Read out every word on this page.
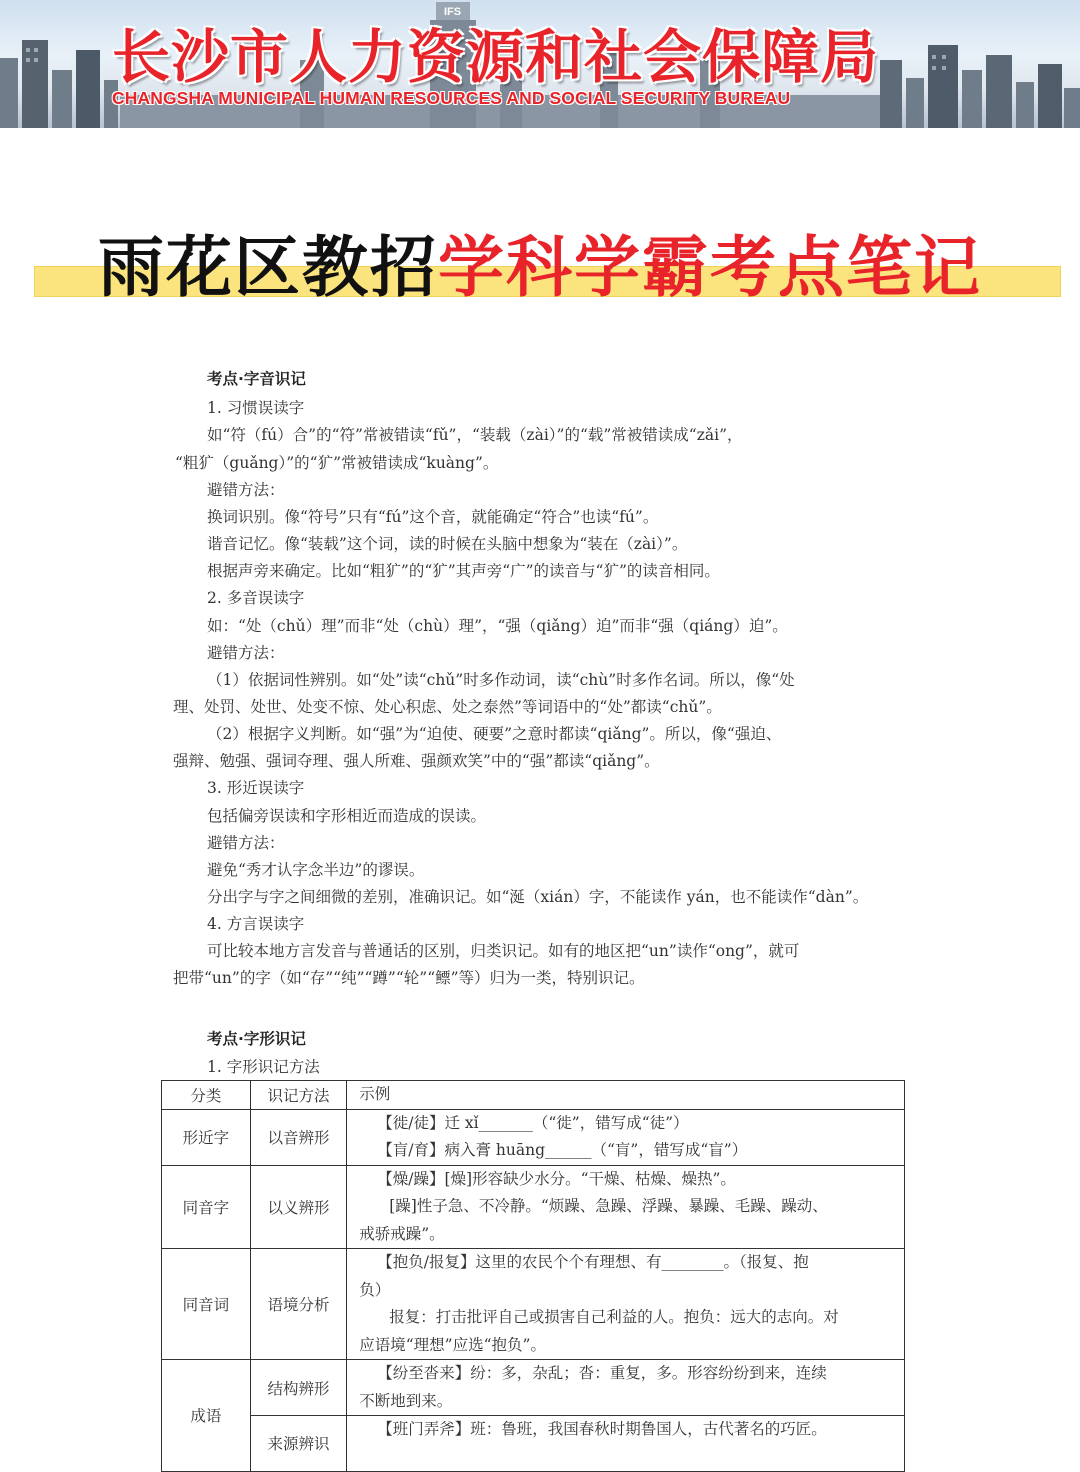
IFS
长沙市人力资源和社会保障局
CHANGSHA MUNICIPAL HUMAN RESOURCES AND SOCIAL SECURITY BUREAU
雨花区教招学科学霸考点笔记
考点·字音识记
1. 习惯误读字
如“符（fú）合”的“符”常被错读“fǔ”，“装载（zài）”的“载”常被错读成“zǎi”，
“粗犷（guǎng）”的“犷”常被错读成“kuàng”。
避错方法：
换词识别。像“符号”只有“fú”这个音，就能确定“符合”也读“fú”。
谐音记忆。像“装载”这个词，读的时候在头脑中想象为“装在（zài）”。
根据声旁来确定。比如“粗犷”的“犷”其声旁“广”的读音与“犷”的读音相同。
2. 多音误读字
如：“处（chǔ）理”而非“处（chù）理”，“强（qiǎng）迫”而非“强（qiáng）迫”。
避错方法：
（1）依据词性辨别。如“处”读“chǔ”时多作动词，读“chù”时多作名词。所以，像“处
理、处罚、处世、处变不惊、处心积虑、处之泰然”等词语中的“处”都读“chǔ”。
（2）根据字义判断。如“强”为“迫使、硬要”之意时都读“qiǎng”。所以，像“强迫、
强辩、勉强、强词夺理、强人所难、强颜欢笑”中的“强”都读“qiǎng”。
3. 形近误读字
包括偏旁误读和字形相近而造成的误读。
避错方法：
避免“秀才认字念半边”的谬误。
分出字与字之间细微的差别，准确识记。如“涎（xián）字，不能读作 yán，也不能读作“dàn”。
4. 方言误读字
可比较本地方言发音与普通话的区别，归类识记。如有的地区把“un”读作“ong”，就可
把带“un”的字（如“存”“纯”“蹲”“轮”“鳔”等）归为一类，特别识记。
考点·字形识记
1. 字形识记方法
分类	识记方法	示例
形近字	以音辨形	【徙/徒】迁 xǐ_______（“徙”，错写成“徒”）
【肓/育】病入膏 huāng______（“肓”，错写成“盲”）

同音字	以义辨形	【燥/躁】[燥]形容缺少水分。“干燥、枯燥、燥热”。
[躁]性子急、不冷静。“烦躁、急躁、浮躁、暴躁、毛躁、躁动、
戒骄戒躁”。

同音词	语境分析	【抱负/报复】这里的农民个个有理想、有________。（报复、抱
负）
报复：打击批评自己或损害自己利益的人。抱负：远大的志向。对
应语境“理想”应选“抱负”。

成语	结构辨形	【纷至沓来】纷：多，杂乱；沓：重复，多。形容纷纷到来，连续
不断地到来。

	来源辨识	【班门弄斧】班：鲁班，我国春秋时期鲁国人，古代著名的巧匠。
